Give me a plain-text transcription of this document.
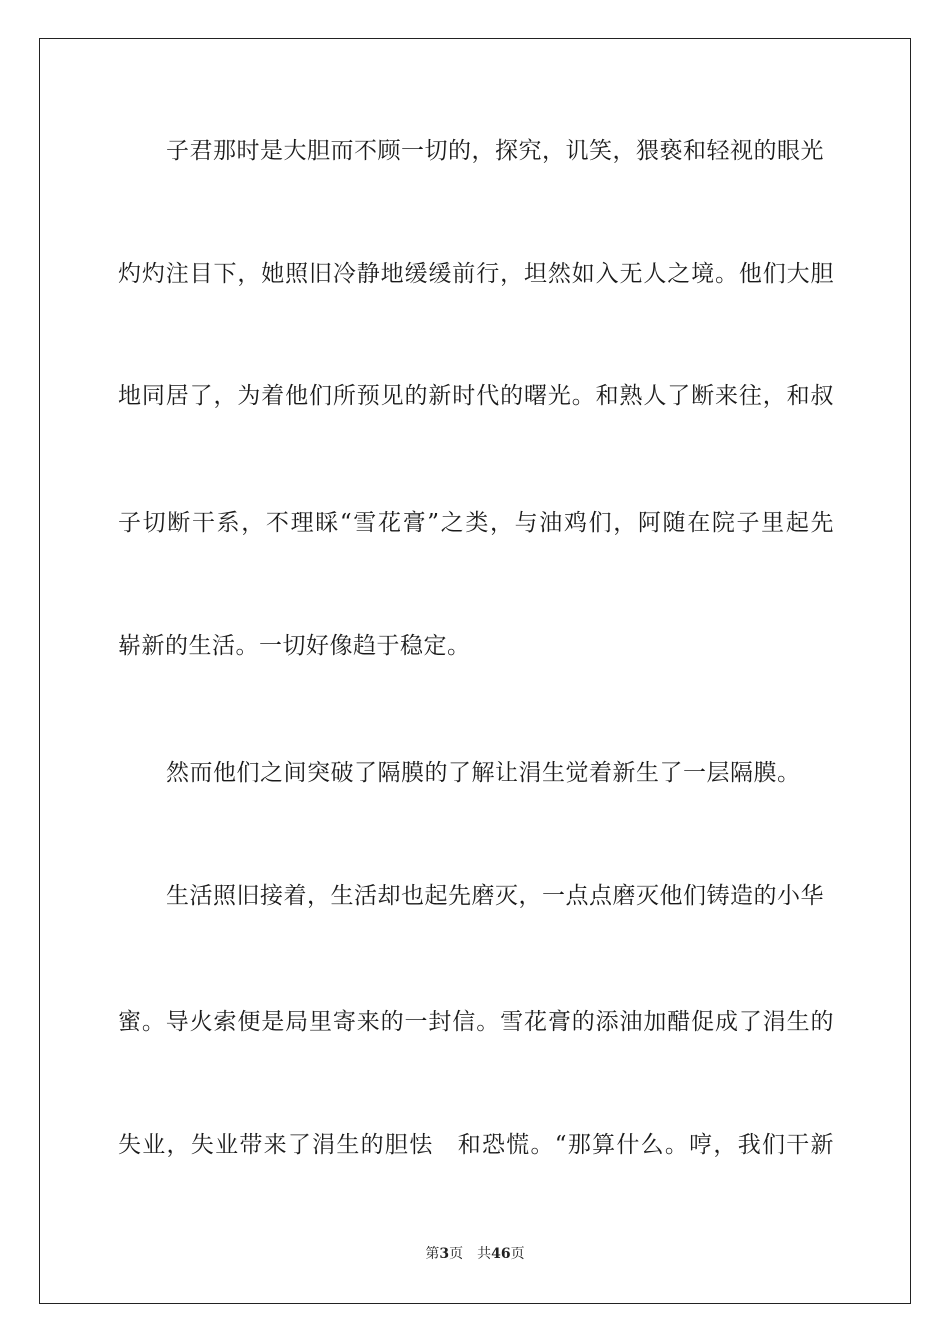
子君那时是大胆而不顾一切的，探究，讥笑，猥亵和轻视的眼光
灼灼注目下，她照旧冷静地缓缓前行，坦然如入无人之境。他们大胆
地同居了，为着他们所预见的新时代的曙光。和熟人了断来往，和叔
子切断干系，不理睬“雪花膏”之类，与油鸡们，阿随在院子里起先
崭新的生活。一切好像趋于稳定。
然而他们之间突破了隔膜的了解让涓生觉着新生了一层隔膜。
生活照旧接着，生活却也起先磨灭，一点点磨灭他们铸造的小华
蜜。导火索便是局里寄来的一封信。雪花膏的添油加醋促成了涓生的
失业，失业带来了涓生的胆怯　和恐慌。“那算什么。哼，我们干新
第3页 共46页
